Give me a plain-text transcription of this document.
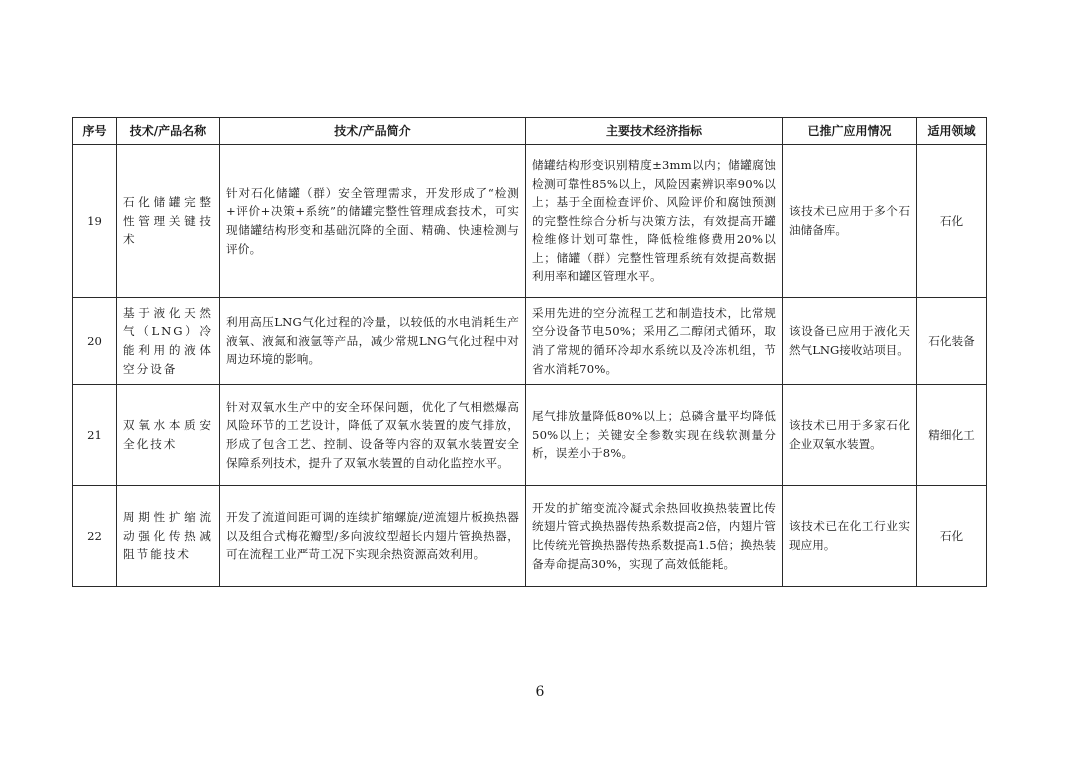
序号	技术/产品名称	技术/产品简介	主要技术经济指标	已推广应用情况	适用领域
19	石化储罐完整性管理关键技术	针对石化储罐（群）安全管理需求，开发形成了“检测+评价+决策+系统”的储罐完整性管理成套技术，可实现储罐结构形变和基础沉降的全面、精确、快速检测与评价。	储罐结构形变识别精度±3mm以内；储罐腐蚀检测可靠性85%以上，风险因素辨识率90%以上；基于全面检查评价、风险评价和腐蚀预测的完整性综合分析与决策方法，有效提高开罐检维修计划可靠性，降低检维修费用20%以上；储罐（群）完整性管理系统有效提高数据利用率和罐区管理水平。	该技术已应用于多个石油储备库。	石化
20	基于液化天然气（LNG）冷能利用的液体空分设备	利用高压LNG气化过程的冷量，以较低的水电消耗生产液氧、液氮和液氩等产品，减少常规LNG气化过程中对周边环境的影响。	采用先进的空分流程工艺和制造技术，比常规空分设备节电50%；采用乙二醇闭式循环，取消了常规的循环冷却水系统以及冷冻机组，节省水消耗70%。	该设备已应用于液化天然气LNG接收站项目。	石化装备
21	双氧水本质安全化技术	针对双氧水生产中的安全环保问题，优化了气相燃爆高风险环节的工艺设计，降低了双氧水装置的废气排放，形成了包含工艺、控制、设备等内容的双氧水装置安全保障系列技术，提升了双氧水装置的自动化监控水平。	尾气排放量降低80%以上；总磷含量平均降低50%以上；关键安全参数实现在线软测量分析，误差小于8%。	该技术已用于多家石化企业双氧水装置。	精细化工
22	周期性扩缩流动强化传热减阻节能技术	开发了流道间距可调的连续扩缩螺旋/逆流翅片板换热器以及组合式梅花瓣型/多向波纹型超长内翅片管换热器，可在流程工业严苛工况下实现余热资源高效利用。	开发的扩缩变流冷凝式余热回收换热装置比传统翅片管式换热器传热系数提高2倍，内翅片管比传统光管换热器传热系数提高1.5倍；换热装备寿命提高30%，实现了高效低能耗。	该技术已在化工行业实现应用。	石化
6
